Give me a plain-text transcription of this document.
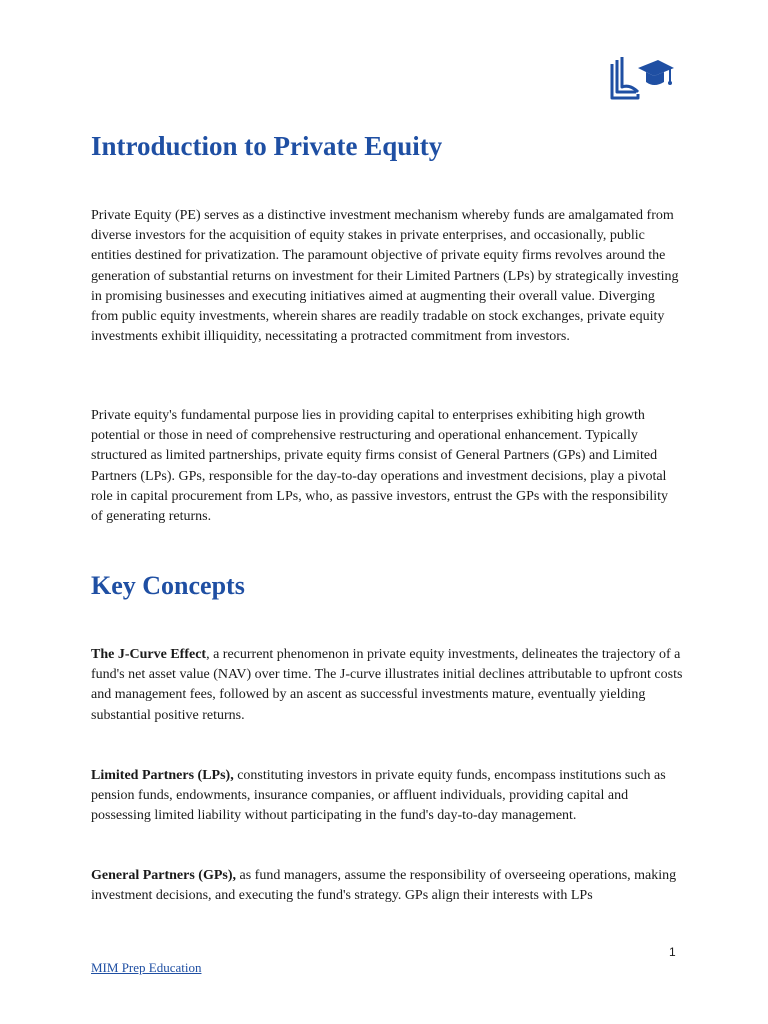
Introduction to Private Equity

Private Equity (PE) serves as a distinctive investment mechanism whereby funds are amalgamated from diverse investors for the acquisition of equity stakes in private enterprises, and occasionally, public entities destined for privatization. The paramount objective of private equity firms revolves around the generation of substantial returns on investment for their Limited Partners (LPs) by strategically investing in promising businesses and executing initiatives aimed at augmenting their overall value. Diverging from public equity investments, wherein shares are readily tradable on stock exchanges, private equity investments exhibit illiquidity, necessitating a protracted commitment from investors.

Private equity's fundamental purpose lies in providing capital to enterprises exhibiting high growth potential or those in need of comprehensive restructuring and operational enhancement. Typically structured as limited partnerships, private equity firms consist of General Partners (GPs) and Limited Partners (LPs). GPs, responsible for the day-to-day operations and investment decisions, play a pivotal role in capital procurement from LPs, who, as passive investors, entrust the GPs with the responsibility of generating returns.

Key Concepts

The J-Curve Effect, a recurrent phenomenon in private equity investments, delineates the trajectory of a fund's net asset value (NAV) over time. The J-curve illustrates initial declines attributable to upfront costs and management fees, followed by an ascent as successful investments mature, eventually yielding substantial positive returns.

Limited Partners (LPs), constituting investors in private equity funds, encompass institutions such as pension funds, endowments, insurance companies, or affluent individuals, providing capital and possessing limited liability without participating in the fund's day-to-day management.

General Partners (GPs), as fund managers, assume the responsibility of overseeing operations, making investment decisions, and executing the fund's strategy. GPs align their interests with LPs

1
MIM Prep Education
